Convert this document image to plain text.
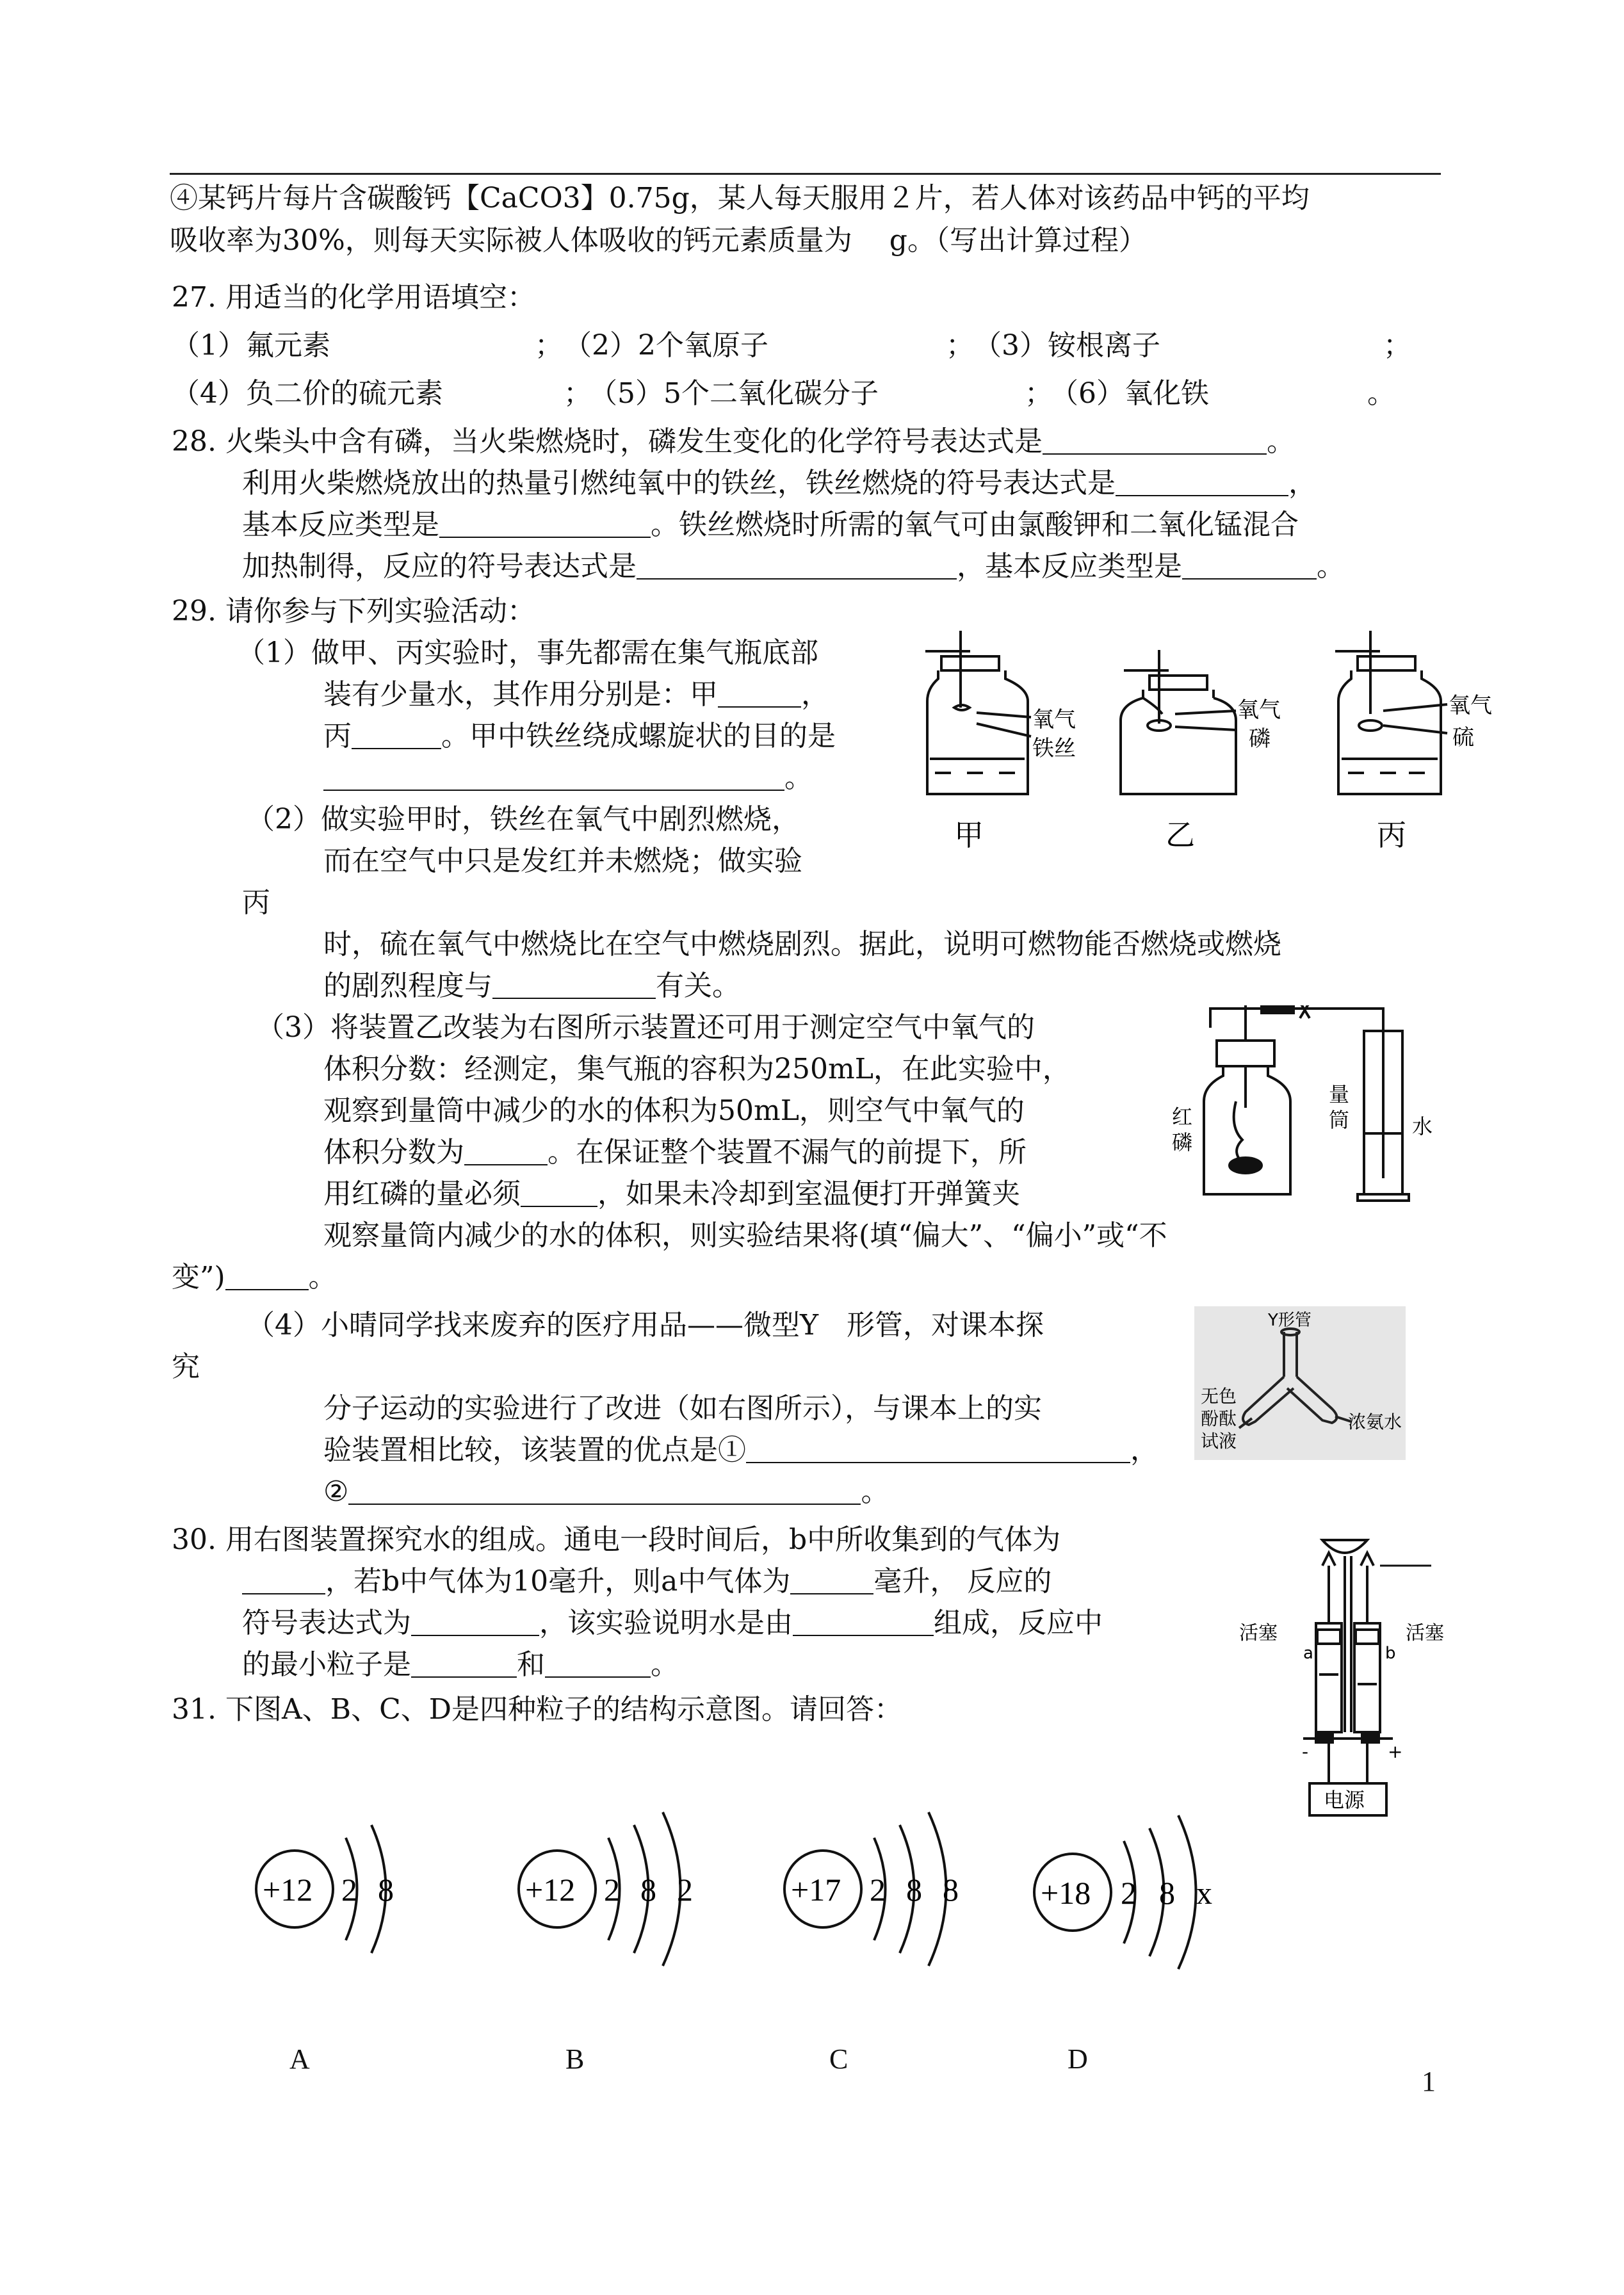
④某钙片每片含碳酸钙【CaCO3】0.75g，某人每天服用２片，若人体对该药品中钙的平均
吸收率为30%，则每天实际被人体吸收的钙元素质量为　 g。（写出计算过程）
27. 用适当的化学用语填空：
（1）氟元素	； （2）2个氧原子	； （3）铵根离子	；
（4）负二价的硫元素	；
（5）5个二氧化碳分子	；
（6）氧化铁	。
28. 火柴头中含有磷，当火柴燃烧时，磷发生变化的化学符号表达式是	。
利用火柴燃烧放出的热量引燃纯氧中的铁丝，铁丝燃烧的符号表达式是	，
基本反应类型是	。铁丝燃烧时所需的氧气可由氯酸钾和二氧化锰混合
加热制得，反应的符号表达式是	，基本反应类型是	。
29. 请你参与下列实验活动：
（1）做甲、丙实验时，事先都需在集气瓶底部
装有少量水，其作用分别是：甲	，
丙	。甲中铁丝绕成螺旋状的目的是
。
（2）做实验甲时，铁丝在氧气中剧烈燃烧，
而在空气中只是发红并未燃烧；做实验
丙
时，硫在氧气中燃烧比在空气中燃烧剧烈。据此，说明可燃物能否燃烧或燃烧
的剧烈程度与	有关。
（3）将装置乙改装为右图所示装置还可用于测定空气中氧气的
体积分数：经测定，集气瓶的容积为250mL，在此实验中，
观察到量筒中减少的水的体积为50mL，则空气中氧气的
体积分数为	。在保证整个装置不漏气的前提下，所
用红磷的量必须	，如果未冷却到室温便打开弹簧夹
观察量筒内减少的水的体积，则实验结果将(填“偏大”、“偏小”或“不
变”)	。
（4）小晴同学找来废弃的医疗用品——微型Y　形管，对课本探
究
分子运动的实验进行了改进（如右图所示），与课本上的实
验装置相比较，该装置的优点是①	，
②	。
30. 用右图装置探究水的组成。通电一段时间后，b中所收集到的气体为
，若b中气体为10毫升，则a中气体为	毫升， 反应的
符号表达式为	，该实验说明水是由	组成，反应中
的最小粒子是	和	。
31. 下图A、B、C、D是四种粒子的结构示意图。请回答：
氧气
铁丝
氧气
磷
氧气
硫
甲	乙	丙
红
磷
量
筒	水
Y形管
无色
酚酞
试液
浓氨水
活塞	活塞
a	b
-	+
电源
+12 2 8	+12 2 8 2	+17 2 8 8	+18 2 8 x
A	B	C	D
1
